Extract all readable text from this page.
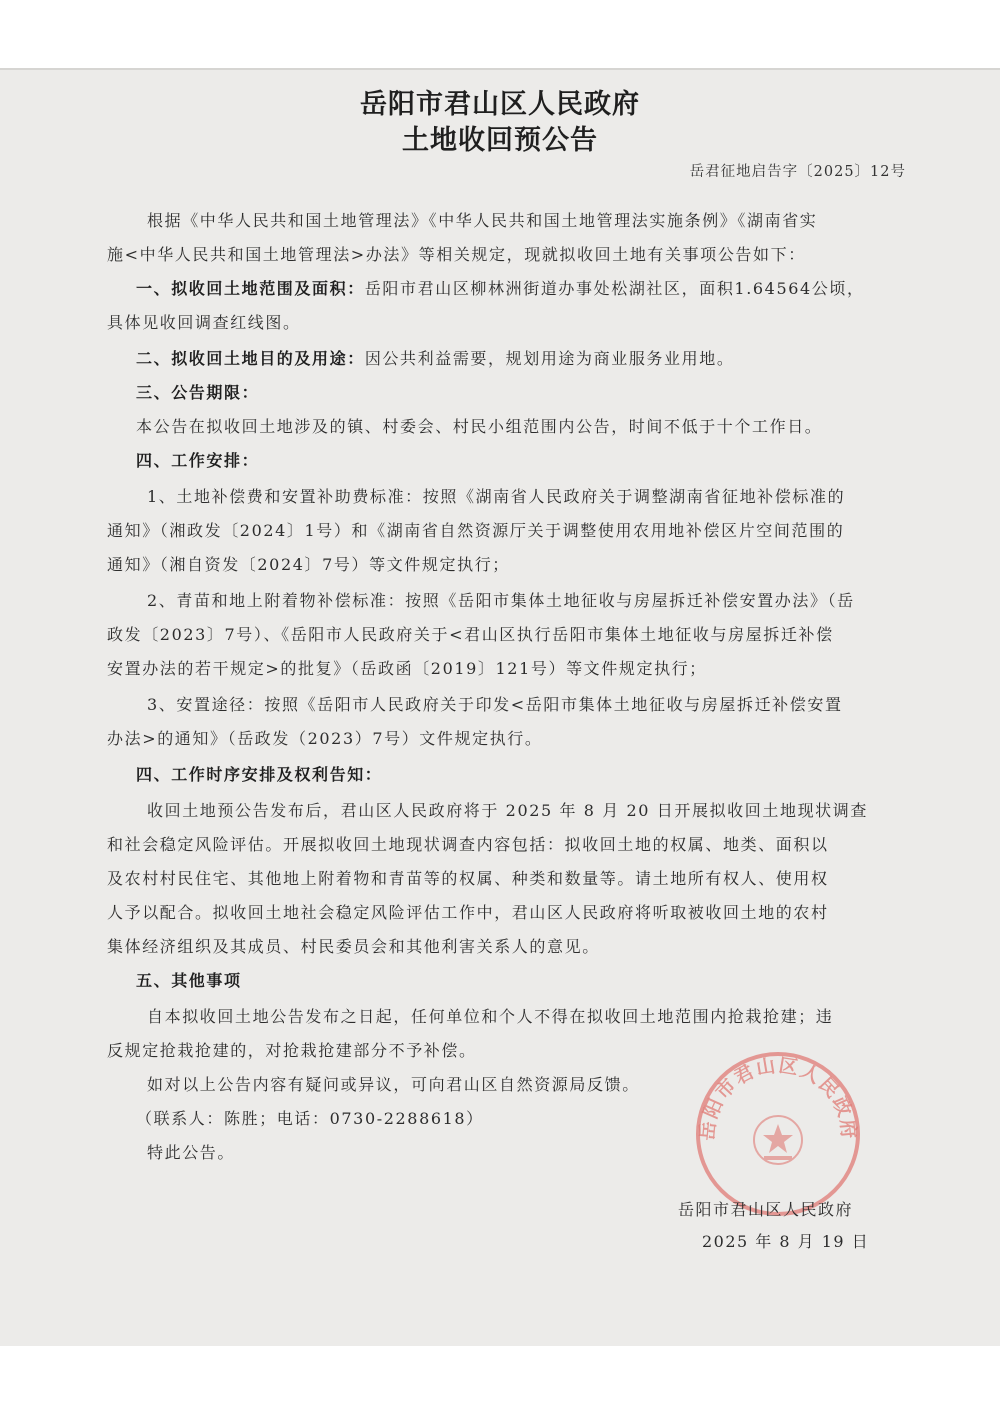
岳阳市君山区人民政府
土地收回预公告
岳君征地启告字〔2025〕12号
根据《中华人民共和国土地管理法》《中华人民共和国土地管理法实施条例》《湖南省实
施<中华人民共和国土地管理法>办法》等相关规定，现就拟收回土地有关事项公告如下：
一、拟收回土地范围及面积：岳阳市君山区柳林洲街道办事处松湖社区，面积1.64564公顷，
具体见收回调查红线图。
二、拟收回土地目的及用途：因公共利益需要，规划用途为商业服务业用地。
三、公告期限：
本公告在拟收回土地涉及的镇、村委会、村民小组范围内公告，时间不低于十个工作日。
四、工作安排：
1、土地补偿费和安置补助费标准：按照《湖南省人民政府关于调整湖南省征地补偿标准的
通知》（湘政发〔2024〕1号）和《湖南省自然资源厅关于调整使用农用地补偿区片空间范围的
通知》（湘自资发〔2024〕7号）等文件规定执行；
2、青苗和地上附着物补偿标准：按照《岳阳市集体土地征收与房屋拆迁补偿安置办法》（岳
政发〔2023〕7号）、《岳阳市人民政府关于<君山区执行岳阳市集体土地征收与房屋拆迁补偿
安置办法的若干规定>的批复》（岳政函〔2019〕121号）等文件规定执行；
3、安置途径：按照《岳阳市人民政府关于印发<岳阳市集体土地征收与房屋拆迁补偿安置
办法>的通知》（岳政发（2023）7号）文件规定执行。
四、工作时序安排及权利告知：
收回土地预公告发布后，君山区人民政府将于 2025 年 8 月 20 日开展拟收回土地现状调查
和社会稳定风险评估。开展拟收回土地现状调查内容包括：拟收回土地的权属、地类、面积以
及农村村民住宅、其他地上附着物和青苗等的权属、种类和数量等。请土地所有权人、使用权
人予以配合。拟收回土地社会稳定风险评估工作中，君山区人民政府将听取被收回土地的农村
集体经济组织及其成员、村民委员会和其他利害关系人的意见。
五、其他事项
自本拟收回土地公告发布之日起，任何单位和个人不得在拟收回土地范围内抢栽抢建；违
反规定抢栽抢建的，对抢栽抢建部分不予补偿。
如对以上公告内容有疑问或异议，可向君山区自然资源局反馈。
（联系人：陈胜；电话：0730-2288618）
特此公告。
岳阳市君山区人民政府
岳阳市君山区人民政府
2025 年 8 月 19 日
